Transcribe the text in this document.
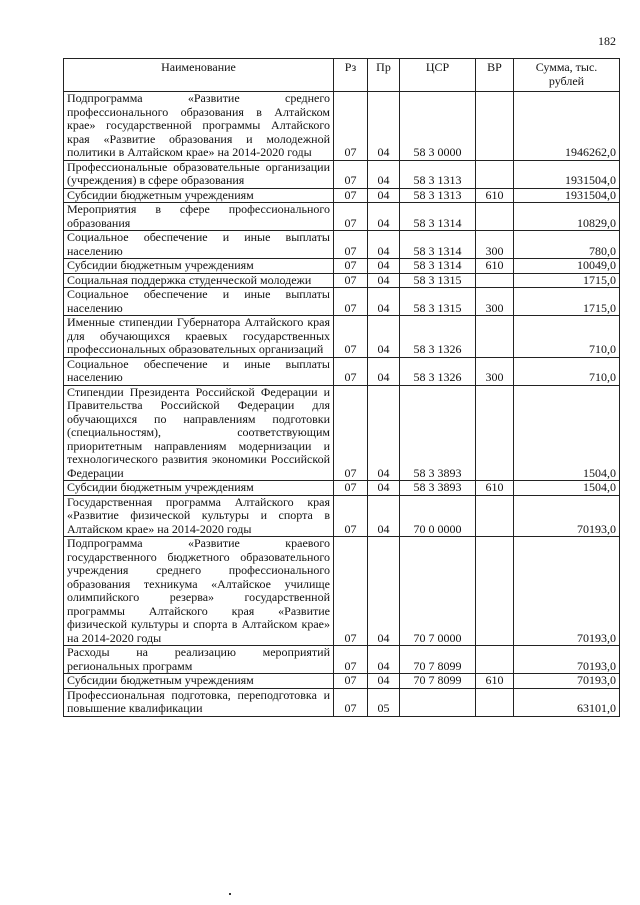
182
Наименование	Рз	Пр	ЦСР	ВР	Сумма, тыс. рублей
Подпрограмма «Развитие среднего профессионального образования в Алтайском крае» государственной программы Алтайского края «Развитие образования и молодежной политики в Алтайском крае» на 2014-2020 годы	07	04	58 3 0000		1946262,0
Профессиональные образовательные организации (учреждения) в сфере образования	07	04	58 3 1313		1931504,0
Субсидии бюджетным учреждениям	07	04	58 3 1313	610	1931504,0
Мероприятия в сфере профессионального образования	07	04	58 3 1314		10829,0
Социальное обеспечение и иные выплаты населению	07	04	58 3 1314	300	780,0
Субсидии бюджетным учреждениям	07	04	58 3 1314	610	10049,0
Социальная поддержка студенческой молодежи	07	04	58 3 1315		1715,0
Социальное обеспечение и иные выплаты населению	07	04	58 3 1315	300	1715,0
Именные стипендии Губернатора Алтайского края для обучающихся краевых государственных профессиональных образовательных организаций	07	04	58 3 1326		710,0
Социальное обеспечение и иные выплаты населению	07	04	58 3 1326	300	710,0
Стипендии Президента Российской Федерации и Правительства Российской Федерации для обучающихся по направлениям подготовки (специальностям), соответствующим приоритетным направлениям модернизации и технологического развития экономики Российской Федерации	07	04	58 3 3893		1504,0
Субсидии бюджетным учреждениям	07	04	58 3 3893	610	1504,0
Государственная программа Алтайского края «Развитие физической культуры и спорта в Алтайском крае» на 2014-2020 годы	07	04	70 0 0000		70193,0
Подпрограмма «Развитие краевого государственного бюджетного образовательного учреждения среднего профессионального образования техникума «Алтайское училище олимпийского резерва» государственной программы Алтайского края «Развитие физической культуры и спорта в Алтайском крае» на 2014-2020 годы	07	04	70 7 0000		70193,0
Расходы на реализацию мероприятий региональных программ	07	04	70 7 8099		70193,0
Субсидии бюджетным учреждениям	07	04	70 7 8099	610	70193,0
Профессиональная подготовка, переподготовка и повышение квалификации	07	05			63101,0
